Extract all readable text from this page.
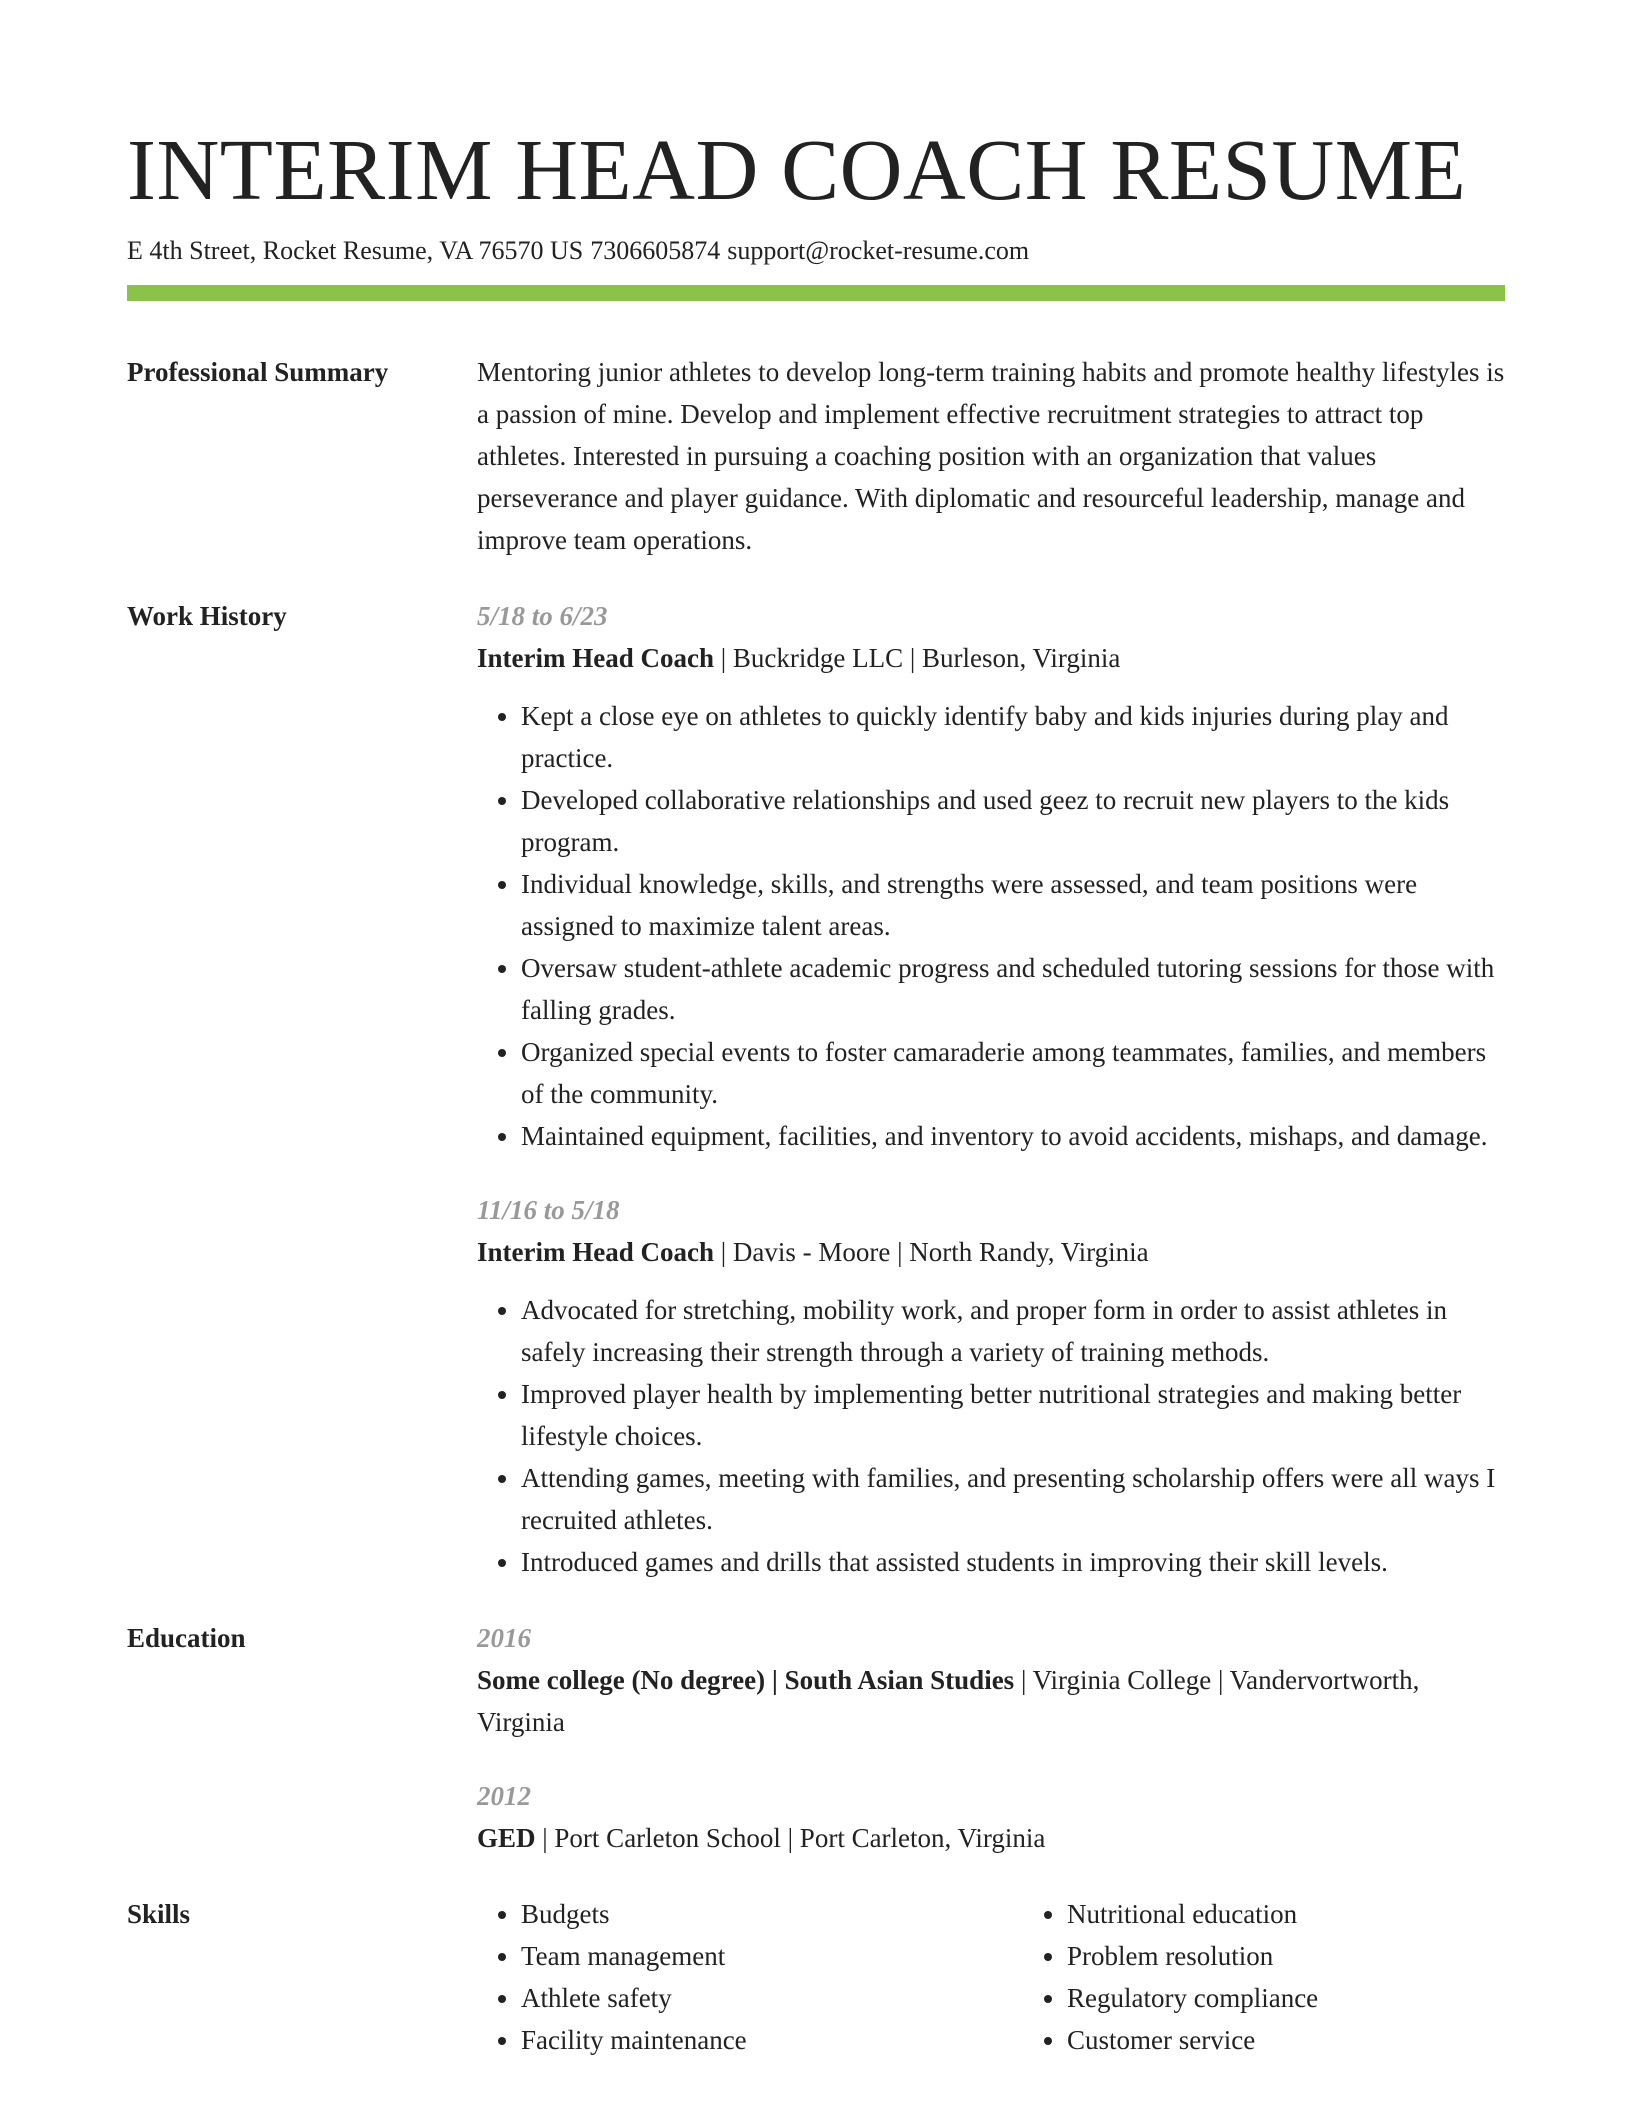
INTERIM HEAD COACH RESUME
E 4th Street, Rocket Resume, VA 76570 US 7306605874 support@rocket-resume.com
Professional Summary	Mentoring junior athletes to develop long-term training habits and promote healthy lifestyles is a passion of mine. Develop and implement effective recruitment strategies to attract top athletes. Interested in pursuing a coaching position with an organization that values perseverance and player guidance. With diplomatic and resourceful leadership, manage and improve team operations.
Work History	5/18 to 6/23
Interim Head Coach | Buckridge LLC | Burleson, Virginia
• Kept a close eye on athletes to quickly identify baby and kids injuries during play and practice.
• Developed collaborative relationships and used geez to recruit new players to the kids program.
• Individual knowledge, skills, and strengths were assessed, and team positions were assigned to maximize talent areas.
• Oversaw student-athlete academic progress and scheduled tutoring sessions for those with falling grades.
• Organized special events to foster camaraderie among teammates, families, and members of the community.
• Maintained equipment, facilities, and inventory to avoid accidents, mishaps, and damage.
11/16 to 5/18
Interim Head Coach | Davis - Moore | North Randy, Virginia
• Advocated for stretching, mobility work, and proper form in order to assist athletes in safely increasing their strength through a variety of training methods.
• Improved player health by implementing better nutritional strategies and making better lifestyle choices.
• Attending games, meeting with families, and presenting scholarship offers were all ways I recruited athletes.
• Introduced games and drills that assisted students in improving their skill levels.
Education	2016
Some college (No degree) | South Asian Studies | Virginia College | Vandervortworth, Virginia
2012
GED | Port Carleton School | Port Carleton, Virginia
Skills
•	Budgets
• Team management
• Athlete safety
• Facility maintenance
• Nutritional education
• Problem resolution
• Regulatory compliance
• Customer service
